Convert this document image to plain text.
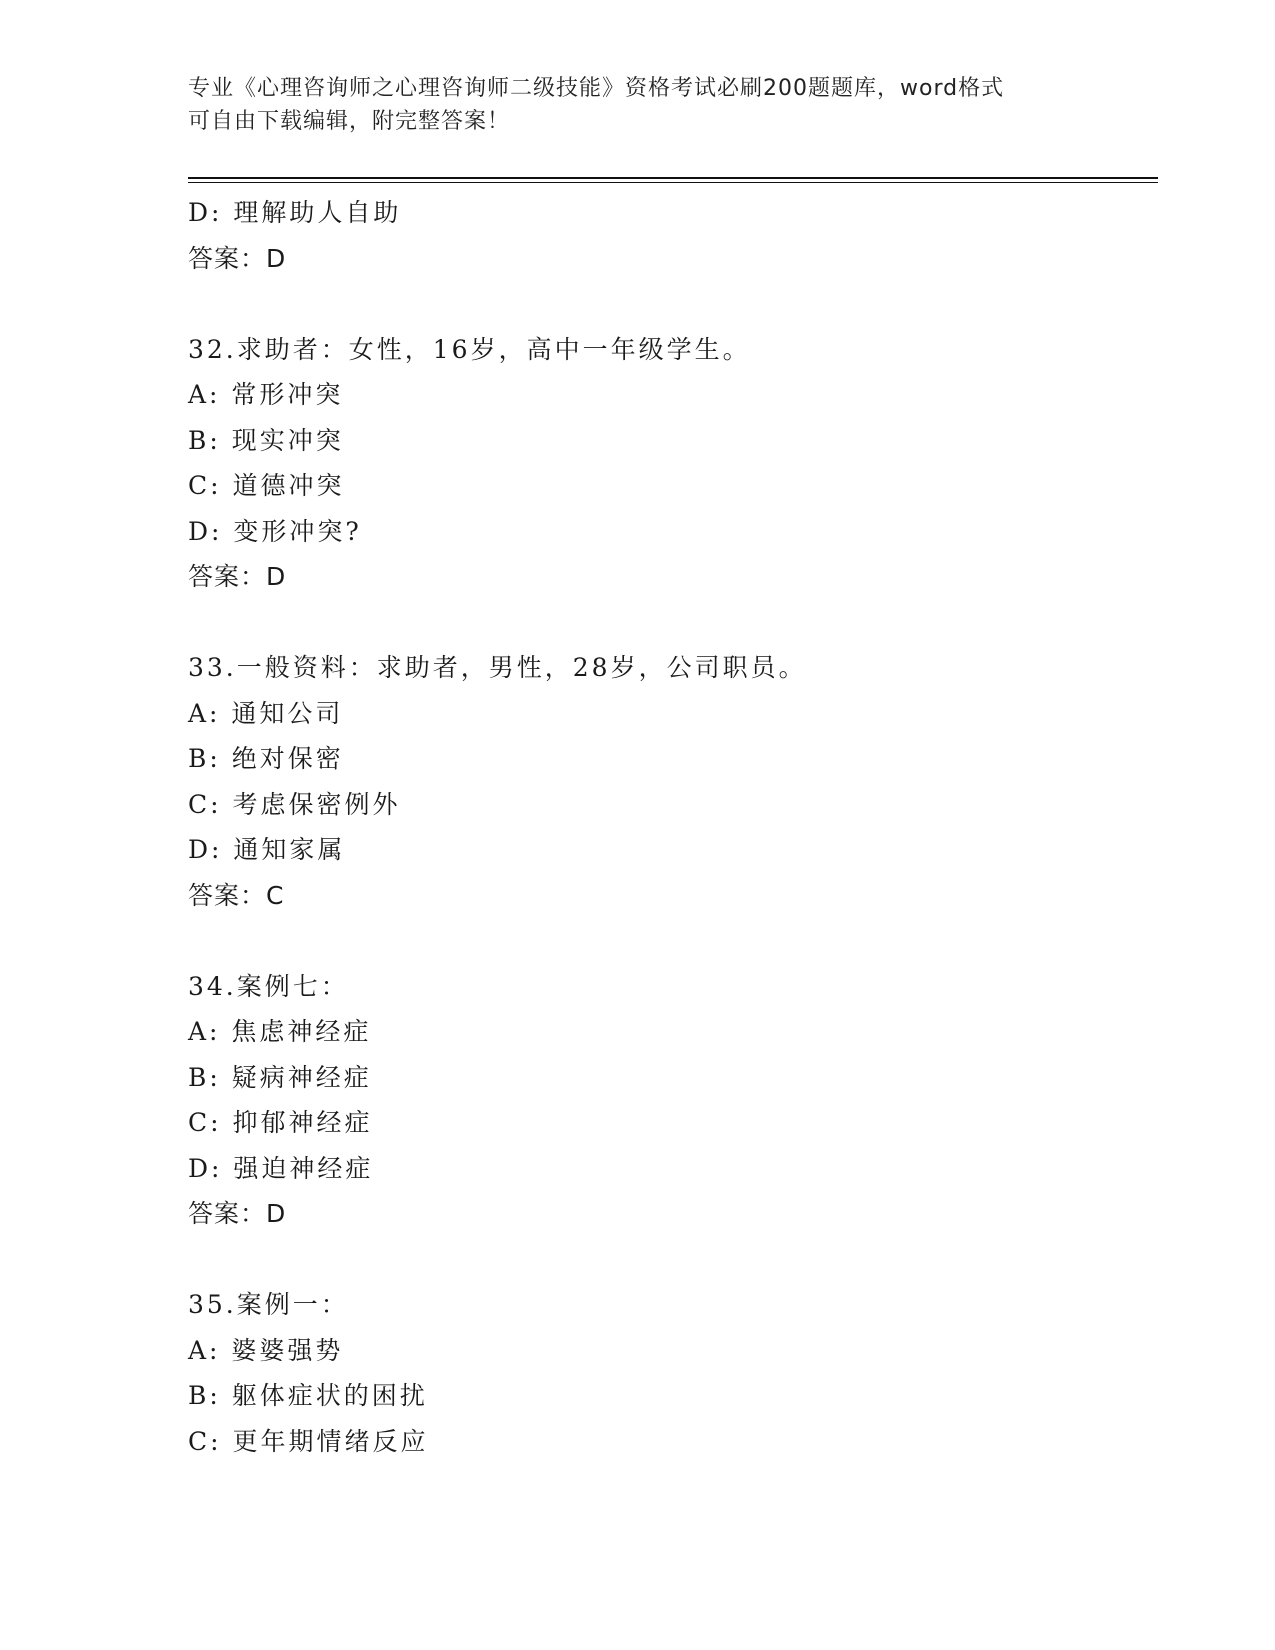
专业《心理咨询师之心理咨询师二级技能》资格考试必刷200题题库，word格式
可自由下载编辑，附完整答案！
D: 理解助人自助
答案：D
32.求助者：女性，16岁，高中一年级学生。
A: 常形冲突
B: 现实冲突
C: 道德冲突
D: 变形冲突?
答案：D
33.一般资料：求助者，男性，28岁，公司职员。
A: 通知公司
B: 绝对保密
C: 考虑保密例外
D: 通知家属
答案：C
34.案例七：
A: 焦虑神经症
B: 疑病神经症
C: 抑郁神经症
D: 强迫神经症
答案：D
35.案例一：
A: 婆婆强势
B: 躯体症状的困扰
C: 更年期情绪反应
